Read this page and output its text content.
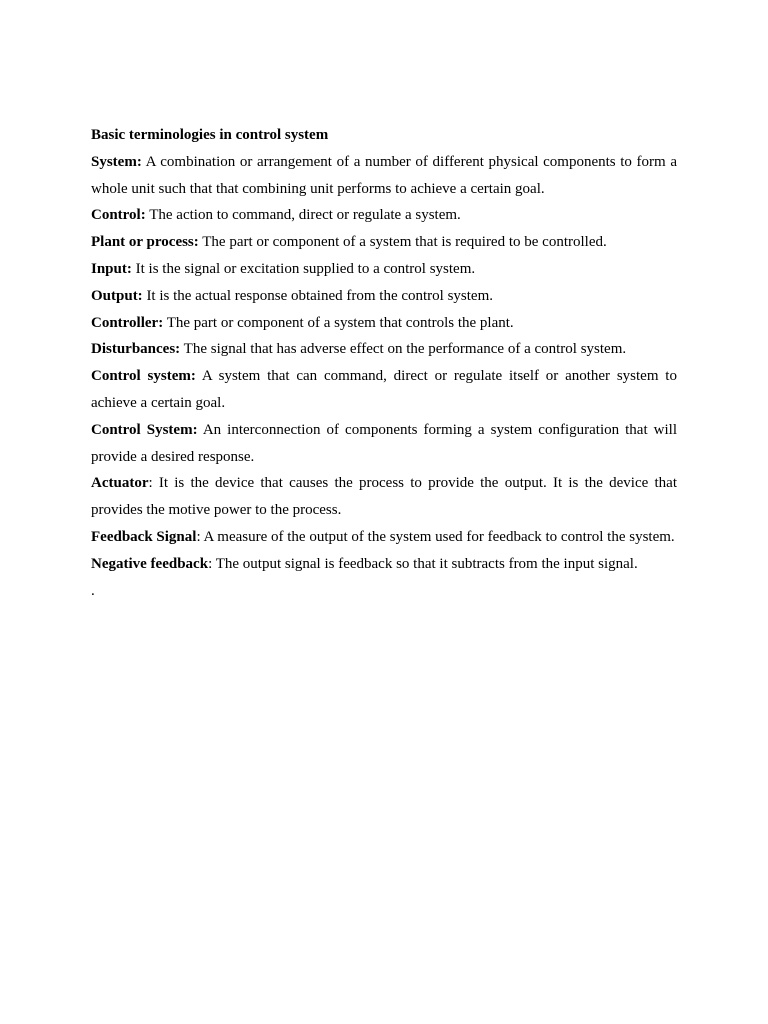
Basic terminologies in control system

System: A combination or arrangement of a number of different physical components to form a whole unit such that that combining unit performs to achieve a certain goal.

Control: The action to command, direct or regulate a system.

Plant or process: The part or component of a system that is required to be controlled.

Input: It is the signal or excitation supplied to a control system.

Output: It is the actual response obtained from the control system.

Controller: The part or component of a system that controls the plant.

Disturbances: The signal that has adverse effect on the performance of a control system.

Control system: A system that can command, direct or regulate itself or another system to achieve a certain goal.

Control System: An interconnection of components forming a system configuration that will provide a desired response.

Actuator: It is the device that causes the process to provide the output. It is the device that provides the motive power to the process.

Feedback Signal: A measure of the output of the system used for feedback to control the system.

Negative feedback: The output signal is feedback so that it subtracts from the input signal.

.
